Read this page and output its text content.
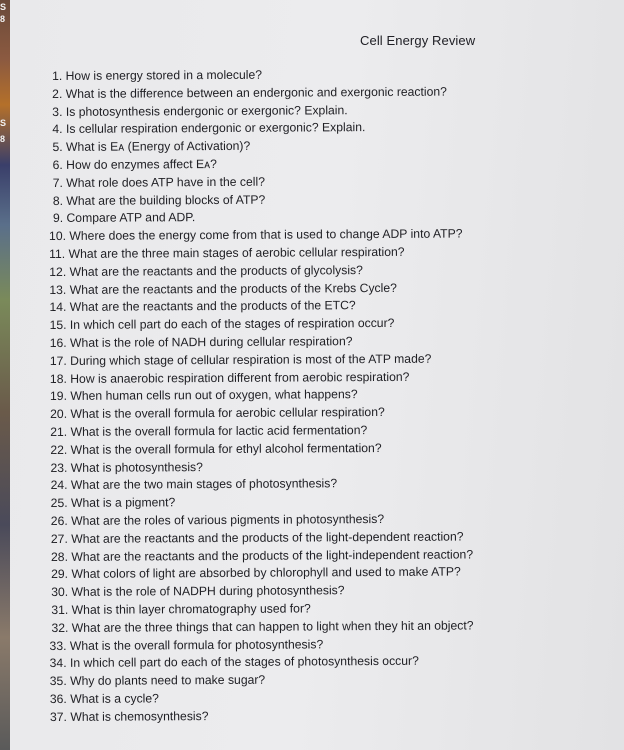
S
8
S
8
Cell Energy Review
1. How is energy stored in a molecule?
2. What is the difference between an endergonic and exergonic reaction?
3. Is photosynthesis endergonic or exergonic? Explain.
4. Is cellular respiration endergonic or exergonic? Explain.
5. What is Eᴀ (Energy of Activation)?
6. How do enzymes affect Eᴀ?
7. What role does ATP have in the cell?
8. What are the building blocks of ATP?
9. Compare ATP and ADP.
10. Where does the energy come from that is used to change ADP into ATP?
11. What are the three main stages of aerobic cellular respiration?
12. What are the reactants and the products of glycolysis?
13. What are the reactants and the products of the Krebs Cycle?
14. What are the reactants and the products of the ETC?
15. In which cell part do each of the stages of respiration occur?
16. What is the role of NADH during cellular respiration?
17. During which stage of cellular respiration is most of the ATP made?
18. How is anaerobic respiration different from aerobic respiration?
19. When human cells run out of oxygen, what happens?
20. What is the overall formula for aerobic cellular respiration?
21. What is the overall formula for lactic acid fermentation?
22. What is the overall formula for ethyl alcohol fermentation?
23. What is photosynthesis?
24. What are the two main stages of photosynthesis?
25. What is a pigment?
26. What are the roles of various pigments in photosynthesis?
27. What are the reactants and the products of the light-dependent reaction?
28. What are the reactants and the products of the light-independent reaction?
29. What colors of light are absorbed by chlorophyll and used to make ATP?
30. What is the role of NADPH during photosynthesis?
31. What is thin layer chromatography used for?
32. What are the three things that can happen to light when they hit an object?
33. What is the overall formula for photosynthesis?
34. In which cell part do each of the stages of photosynthesis occur?
35. Why do plants need to make sugar?
36. What is a cycle?
37. What is chemosynthesis?
